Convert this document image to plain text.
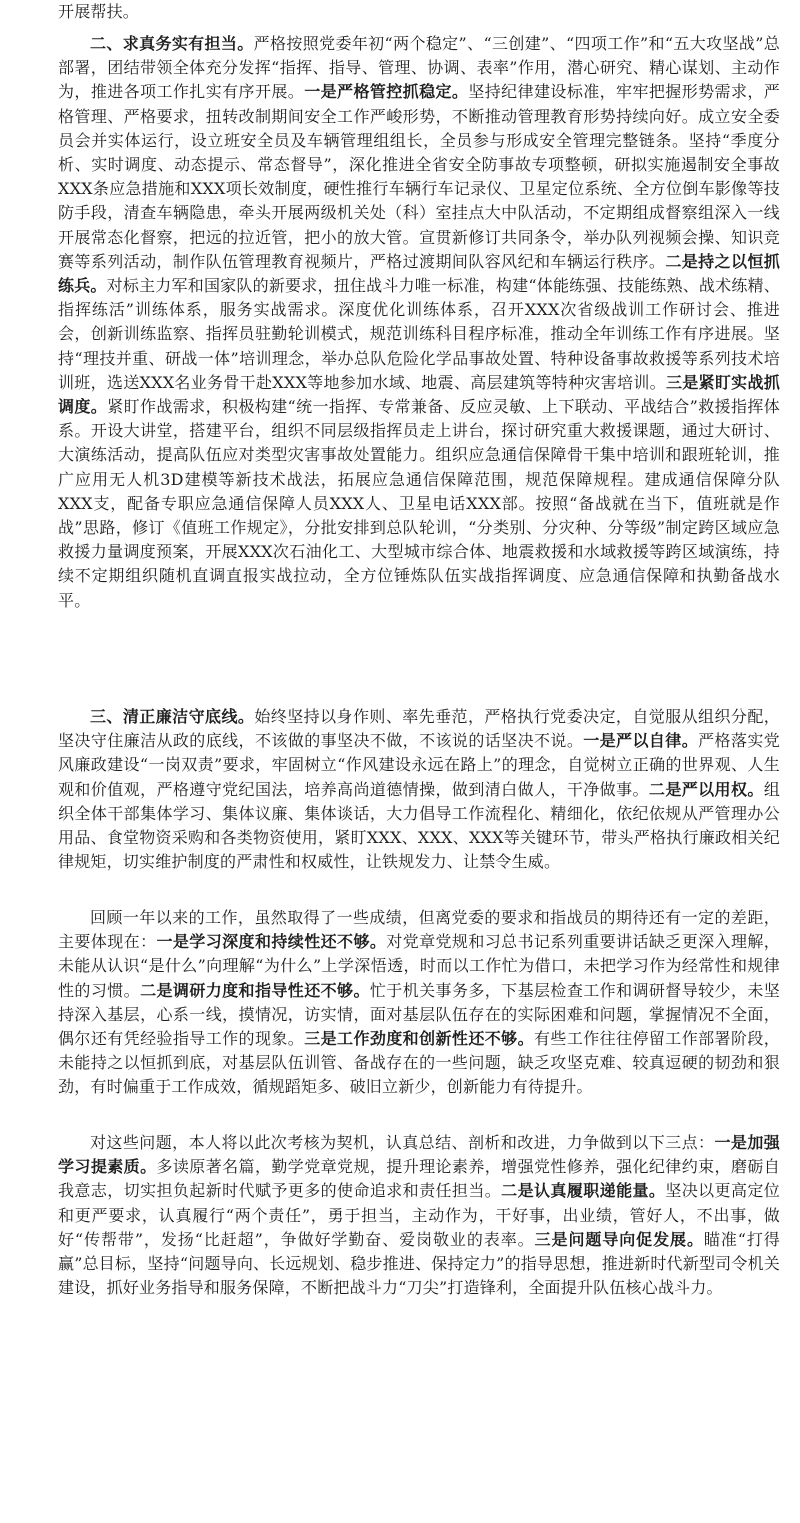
开展帮扶。

二、求真务实有担当。严格按照党委年初“两个稳定”、“三创建”、“四项工作”和“五大攻坚战”总部署，团结带领全体充分发挥“指挥、指导、管理、协调、表率”作用，潜心研究、精心谋划、主动作为，推进各项工作扎实有序开展。一是严格管控抓稳定。坚持纪律建设标准，牢牢把握形势需求，严格管理、严格要求，扭转改制期间安全工作严峻形势，不断推动管理教育形势持续向好。成立安全委员会并实体运行，设立班安全员及车辆管理组组长，全员参与形成安全管理完整链条。坚持“季度分析、实时调度、动态提示、常态督导”，深化推进全省安全防事故专项整顿，研拟实施遏制安全事故XXX条应急措施和XXX项长效制度，硬性推行车辆行车记录仪、卫星定位系统、全方位倒车影像等技防手段，清查车辆隐患，牵头开展两级机关处（科）室挂点大中队活动，不定期组成督察组深入一线开展常态化督察，把远的拉近管，把小的放大管。宣贯新修订共同条令，举办队列视频会操、知识竞赛等系列活动，制作队伍管理教育视频片，严格过渡期间队容风纪和车辆运行秩序。二是持之以恒抓练兵。对标主力军和国家队的新要求，扭住战斗力唯一标准，构建“体能练强、技能练熟、战术练精、指挥练活”训练体系，服务实战需求。深度优化训练体系，召开XXX次省级战训工作研讨会、推进会，创新训练监察、指挥员驻勤轮训模式，规范训练科目程序标准，推动全年训练工作有序进展。坚持“理技并重、研战一体”培训理念，举办总队危险化学品事故处置、特种设备事故救援等系列技术培训班，选送XXX名业务骨干赴XXX等地参加水域、地震、高层建筑等特种灾害培训。三是紧盯实战抓调度。紧盯作战需求，积极构建“统一指挥、专常兼备、反应灵敏、上下联动、平战结合”救援指挥体系。开设大讲堂，搭建平台，组织不同层级指挥员走上讲台，探讨研究重大救援课题，通过大研讨、大演练活动，提高队伍应对类型灾害事故处置能力。组织应急通信保障骨干集中培训和跟班轮训，推广应用无人机3D建模等新技术战法，拓展应急通信保障范围，规范保障规程。建成通信保障分队XXX支，配备专职应急通信保障人员XXX人、卫星电话XXX部。按照“备战就在当下，值班就是作战”思路，修订《值班工作规定》，分批安排到总队轮训，“分类别、分灾种、分等级”制定跨区域应急救援力量调度预案，开展XXX次石油化工、大型城市综合体、地震救援和水域救援等跨区域演练，持续不定期组织随机直调直报实战拉动，全方位锤炼队伍实战指挥调度、应急通信保障和执勤备战水平。

三、清正廉洁守底线。始终坚持以身作则、率先垂范，严格执行党委决定，自觉服从组织分配，坚决守住廉洁从政的底线，不该做的事坚决不做，不该说的话坚决不说。一是严以自律。严格落实党风廉政建设“一岗双责”要求，牢固树立“作风建设永远在路上”的理念，自觉树立正确的世界观、人生观和价值观，严格遵守党纪国法，培养高尚道德情操，做到清白做人，干净做事。二是严以用权。组织全体干部集体学习、集体议廉、集体谈话，大力倡导工作流程化、精细化，依纪依规从严管理办公用品、食堂物资采购和各类物资使用，紧盯XXX、XXX、XXX等关键环节，带头严格执行廉政相关纪律规矩，切实维护制度的严肃性和权威性，让铁规发力、让禁令生威。

回顾一年以来的工作，虽然取得了一些成绩，但离党委的要求和指战员的期待还有一定的差距，主要体现在：一是学习深度和持续性还不够。对党章党规和习总书记系列重要讲话缺乏更深入理解，未能从认识“是什么”向理解“为什么”上学深悟透，时而以工作忙为借口，未把学习作为经常性和规律性的习惯。二是调研力度和指导性还不够。忙于机关事务多，下基层检查工作和调研督导较少，未坚持深入基层，心系一线，摸情况，访实情，面对基层队伍存在的实际困难和问题，掌握情况不全面，偶尔还有凭经验指导工作的现象。三是工作劲度和创新性还不够。有些工作往往停留工作部署阶段，未能持之以恒抓到底，对基层队伍训管、备战存在的一些问题，缺乏攻坚克难、较真逗硬的韧劲和狠劲，有时偏重于工作成效，循规蹈矩多、破旧立新少，创新能力有待提升。

对这些问题，本人将以此次考核为契机，认真总结、剖析和改进，力争做到以下三点：一是加强学习提素质。多读原著名篇，勤学党章党规，提升理论素养，增强党性修养，强化纪律约束，磨砺自我意志，切实担负起新时代赋予更多的使命追求和责任担当。二是认真履职递能量。坚决以更高定位和更严要求，认真履行“两个责任”，勇于担当，主动作为，干好事，出业绩，管好人，不出事，做好“传帮带”，发扬“比赶超”，争做好学勤奋、爱岗敬业的表率。三是问题导向促发展。瞄准“打得赢”总目标，坚持“问题导向、长远规划、稳步推进、保持定力”的指导思想，推进新时代新型司令机关建设，抓好业务指导和服务保障，不断把战斗力“刀尖”打造锋利，全面提升队伍核心战斗力。
